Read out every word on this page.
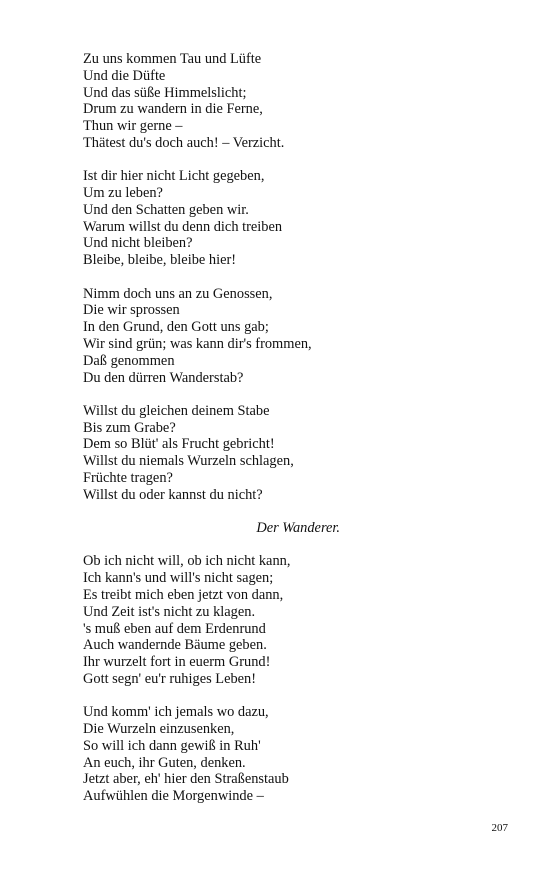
Zu uns kommen Tau und Lüfte
Und die Düfte
Und das süße Himmelslicht;
Drum zu wandern in die Ferne,
Thun wir gerne –
Thätest du's doch auch! – Verzicht.
Ist dir hier nicht Licht gegeben,
Um zu leben?
Und den Schatten geben wir.
Warum willst du denn dich treiben
Und nicht bleiben?
Bleibe, bleibe, bleibe hier!
Nimm doch uns an zu Genossen,
Die wir sprossen
In den Grund, den Gott uns gab;
Wir sind grün; was kann dir's frommen,
Daß genommen
Du den dürren Wanderstab?
Willst du gleichen deinem Stabe
Bis zum Grabe?
Dem so Blüt' als Frucht gebricht!
Willst du niemals Wurzeln schlagen,
Früchte tragen?
Willst du oder kannst du nicht?
Der Wanderer.
Ob ich nicht will, ob ich nicht kann,
Ich kann's und will's nicht sagen;
Es treibt mich eben jetzt von dann,
Und Zeit ist's nicht zu klagen.
's muß eben auf dem Erdenrund
Auch wandernde Bäume geben.
Ihr wurzelt fort in euerm Grund!
Gott segn' eu'r ruhiges Leben!
Und komm' ich jemals wo dazu,
Die Wurzeln einzusenken,
So will ich dann gewiß in Ruh'
An euch, ihr Guten, denken.
Jetzt aber, eh' hier den Straßenstaub
Aufwühlen die Morgenwinde –
207
